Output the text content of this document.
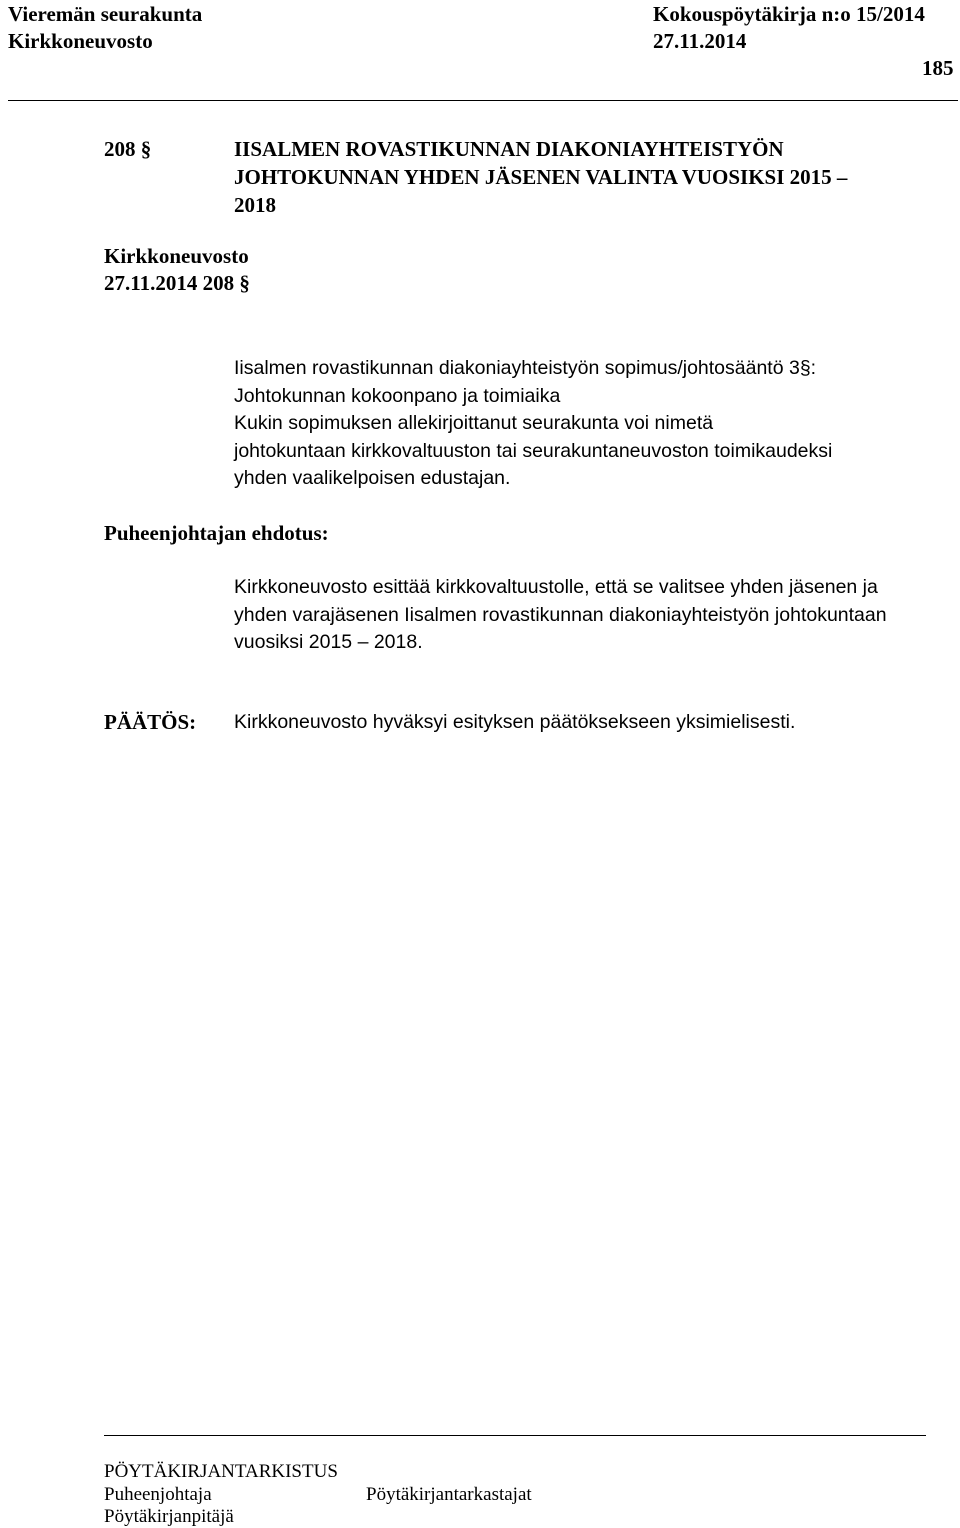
Vieremän seurakunta	Kokouspöytäkirja n:o 15/2014
Kirkkoneuvosto	27.11.2014
185
208 §	IISALMEN ROVASTIKUNNAN DIAKONIAYHTEISTYÖN
JOHTOKUNNAN YHDEN JÄSENEN VALINTA VUOSIKSI 2015 –
2018
Kirkkoneuvosto
27.11.2014 208 §
Iisalmen rovastikunnan diakoniayhteistyön sopimus/johtosääntö 3§:
Johtokunnan kokoonpano ja toimiaika
Kukin sopimuksen allekirjoittanut seurakunta voi nimetä
johtokuntaan kirkkovaltuuston tai seurakuntaneuvoston toimikaudeksi
yhden vaalikelpoisen edustajan.
Puheenjohtajan ehdotus:
Kirkkoneuvosto esittää kirkkovaltuustolle, että se valitsee yhden jäsenen ja
yhden varajäsenen Iisalmen rovastikunnan diakoniayhteistyön johtokuntaan
vuosiksi 2015 – 2018.
PÄÄTÖS: Kirkkoneuvosto hyväksyi esityksen päätöksekseen yksimielisesti.
PÖYTÄKIRJANTARKISTUS
Puheenjohtaja	Pöytäkirjantarkastajat
Pöytäkirjanpitäjä
